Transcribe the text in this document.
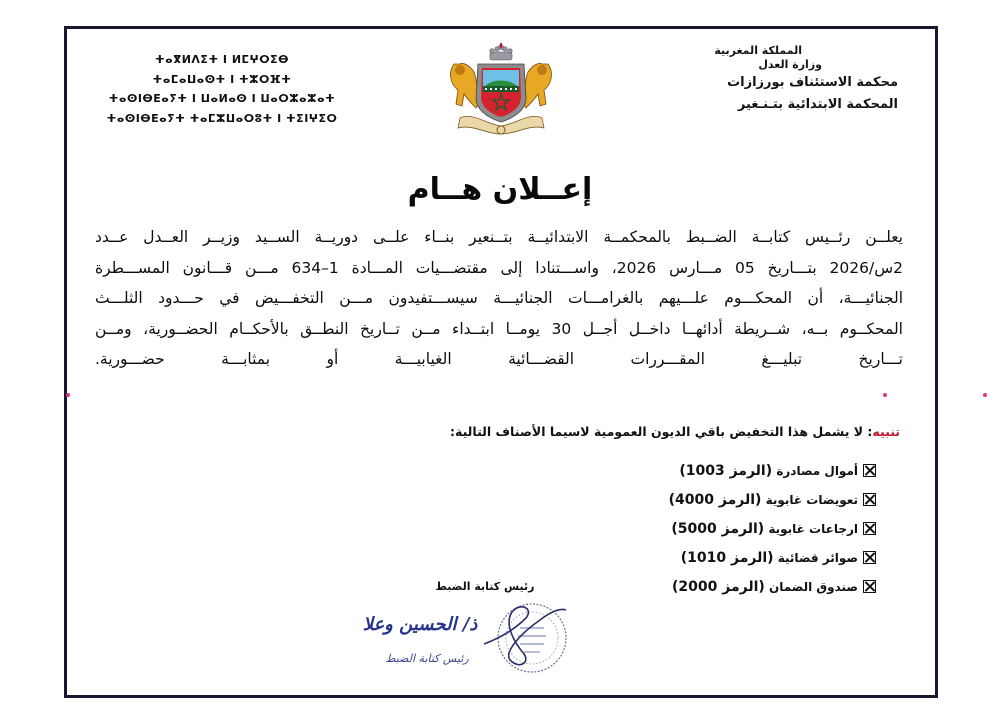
المملكة المغربية
وزارة العدل
محكمة الاستئناف بورزازات
المحكمة الابتدائية بتـنـغير
ⵜⴰⴳⵍⴷⵉⵜ ⵏ ⵍⵎⵖⵔⵉⴱ
ⵜⴰⵎⴰⵡⴰⵙⵜ ⵏ ⵜⵣⵔⴼⵜ
ⵜⴰⵙⵏⴱⴹⴰⵢⵜ ⵏ ⵡⴰⵍⴰⵙ ⵏ ⵡⴰⵔⵣⴰⵣⴰⵜ
ⵜⴰⵙⵏⴱⴹⴰⵢⵜ ⵜⴰⵎⵣⵡⴰⵔⵓⵜ ⵏ ⵜⵉⵏⵖⵉⵔ
إعــلان هــام
يعلــن رئــيس كتابــة الضــبط بالمحكمــة الابتدائيــة بتــنعير بنــاء علــى دوريــة الســيد وزيــر العــدل عــدد
2س/2026 بتـــاريخ 05 مـــارس 2026، واســـتنادا إلى مقتضـــيات المـــادة 1–634 مـــن قـــانون المســـطرة
الجنائيـــة، أن المحكـــوم علـــيهم بالغرامـــات الجنائيـــة سيســـتفيدون مـــن التخفـــيض في حـــدود الثلـــث
المحكــوم بــه، شــريطة أدائهــا داخــل أجــل 30 يومــا ابتــداء مــن تــاريخ النطــق بالأحكــام الحضــورية، ومــن
تـــاريخ تبليـــغ المقـــررات القضـــائية الغيابيـــة أو بمثابـــة حضـــورية.
تنبيه: لا يشمل هذا التخفيض باقي الديون العمومية لاسيما الأصناف التالية:
أموال مصادرة

(الرمز 1003)
تعويضات غابوية

(الرمز 4000)
ارجاعات غابوية

(الرمز 5000)
صوائر قضائية

(الرمز 1010)
صندوق الضمان

(الرمز 2000)
رئيس كتابة الضبط
ذ/ الحسين وعلا
رئيس كتابة الضبط
